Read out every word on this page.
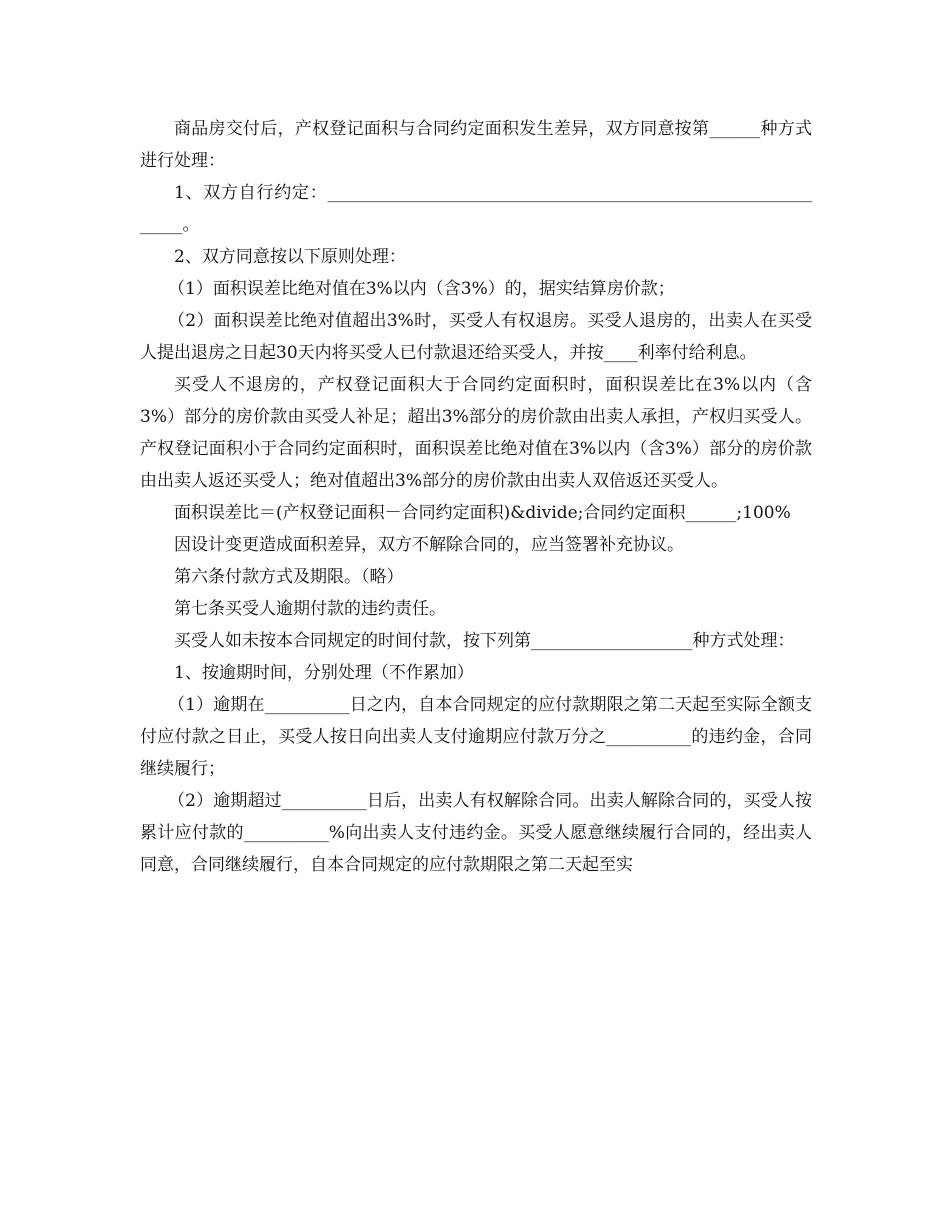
商品房交付后，产权登记面积与合同约定面积发生差异，双方同意按第______种方式进行处理：

1、双方自行约定：______________________________________________________________。

2、双方同意按以下原则处理：

（1）面积误差比绝对值在3%以内（含3%）的，据实结算房价款；

（2）面积误差比绝对值超出3%时，买受人有权退房。买受人退房的，出卖人在买受人提出退房之日起30天内将买受人已付款退还给买受人，并按____利率付给利息。

买受人不退房的，产权登记面积大于合同约定面积时，面积误差比在3%以内（含3%）部分的房价款由买受人补足；超出3%部分的房价款由出卖人承担，产权归买受人。产权登记面积小于合同约定面积时，面积误差比绝对值在3%以内（含3%）部分的房价款由出卖人返还买受人；绝对值超出3%部分的房价款由出卖人双倍返还买受人。

面积误差比＝(产权登记面积－合同约定面积)&divide;合同约定面积______;100%

因设计变更造成面积差异，双方不解除合同的，应当签署补充协议。

第六条付款方式及期限。（略）

第七条买受人逾期付款的违约责任。

买受人如未按本合同规定的时间付款，按下列第___________________种方式处理：

1、按逾期时间，分别处理（不作累加）

（1）逾期在__________日之内，自本合同规定的应付款期限之第二天起至实际全额支付应付款之日止，买受人按日向出卖人支付逾期应付款万分之__________的违约金，合同继续履行；

（2）逾期超过__________日后，出卖人有权解除合同。出卖人解除合同的，买受人按累计应付款的__________%向出卖人支付违约金。买受人愿意继续履行合同的，经出卖人同意，合同继续履行，自本合同规定的应付款期限之第二天起至实
